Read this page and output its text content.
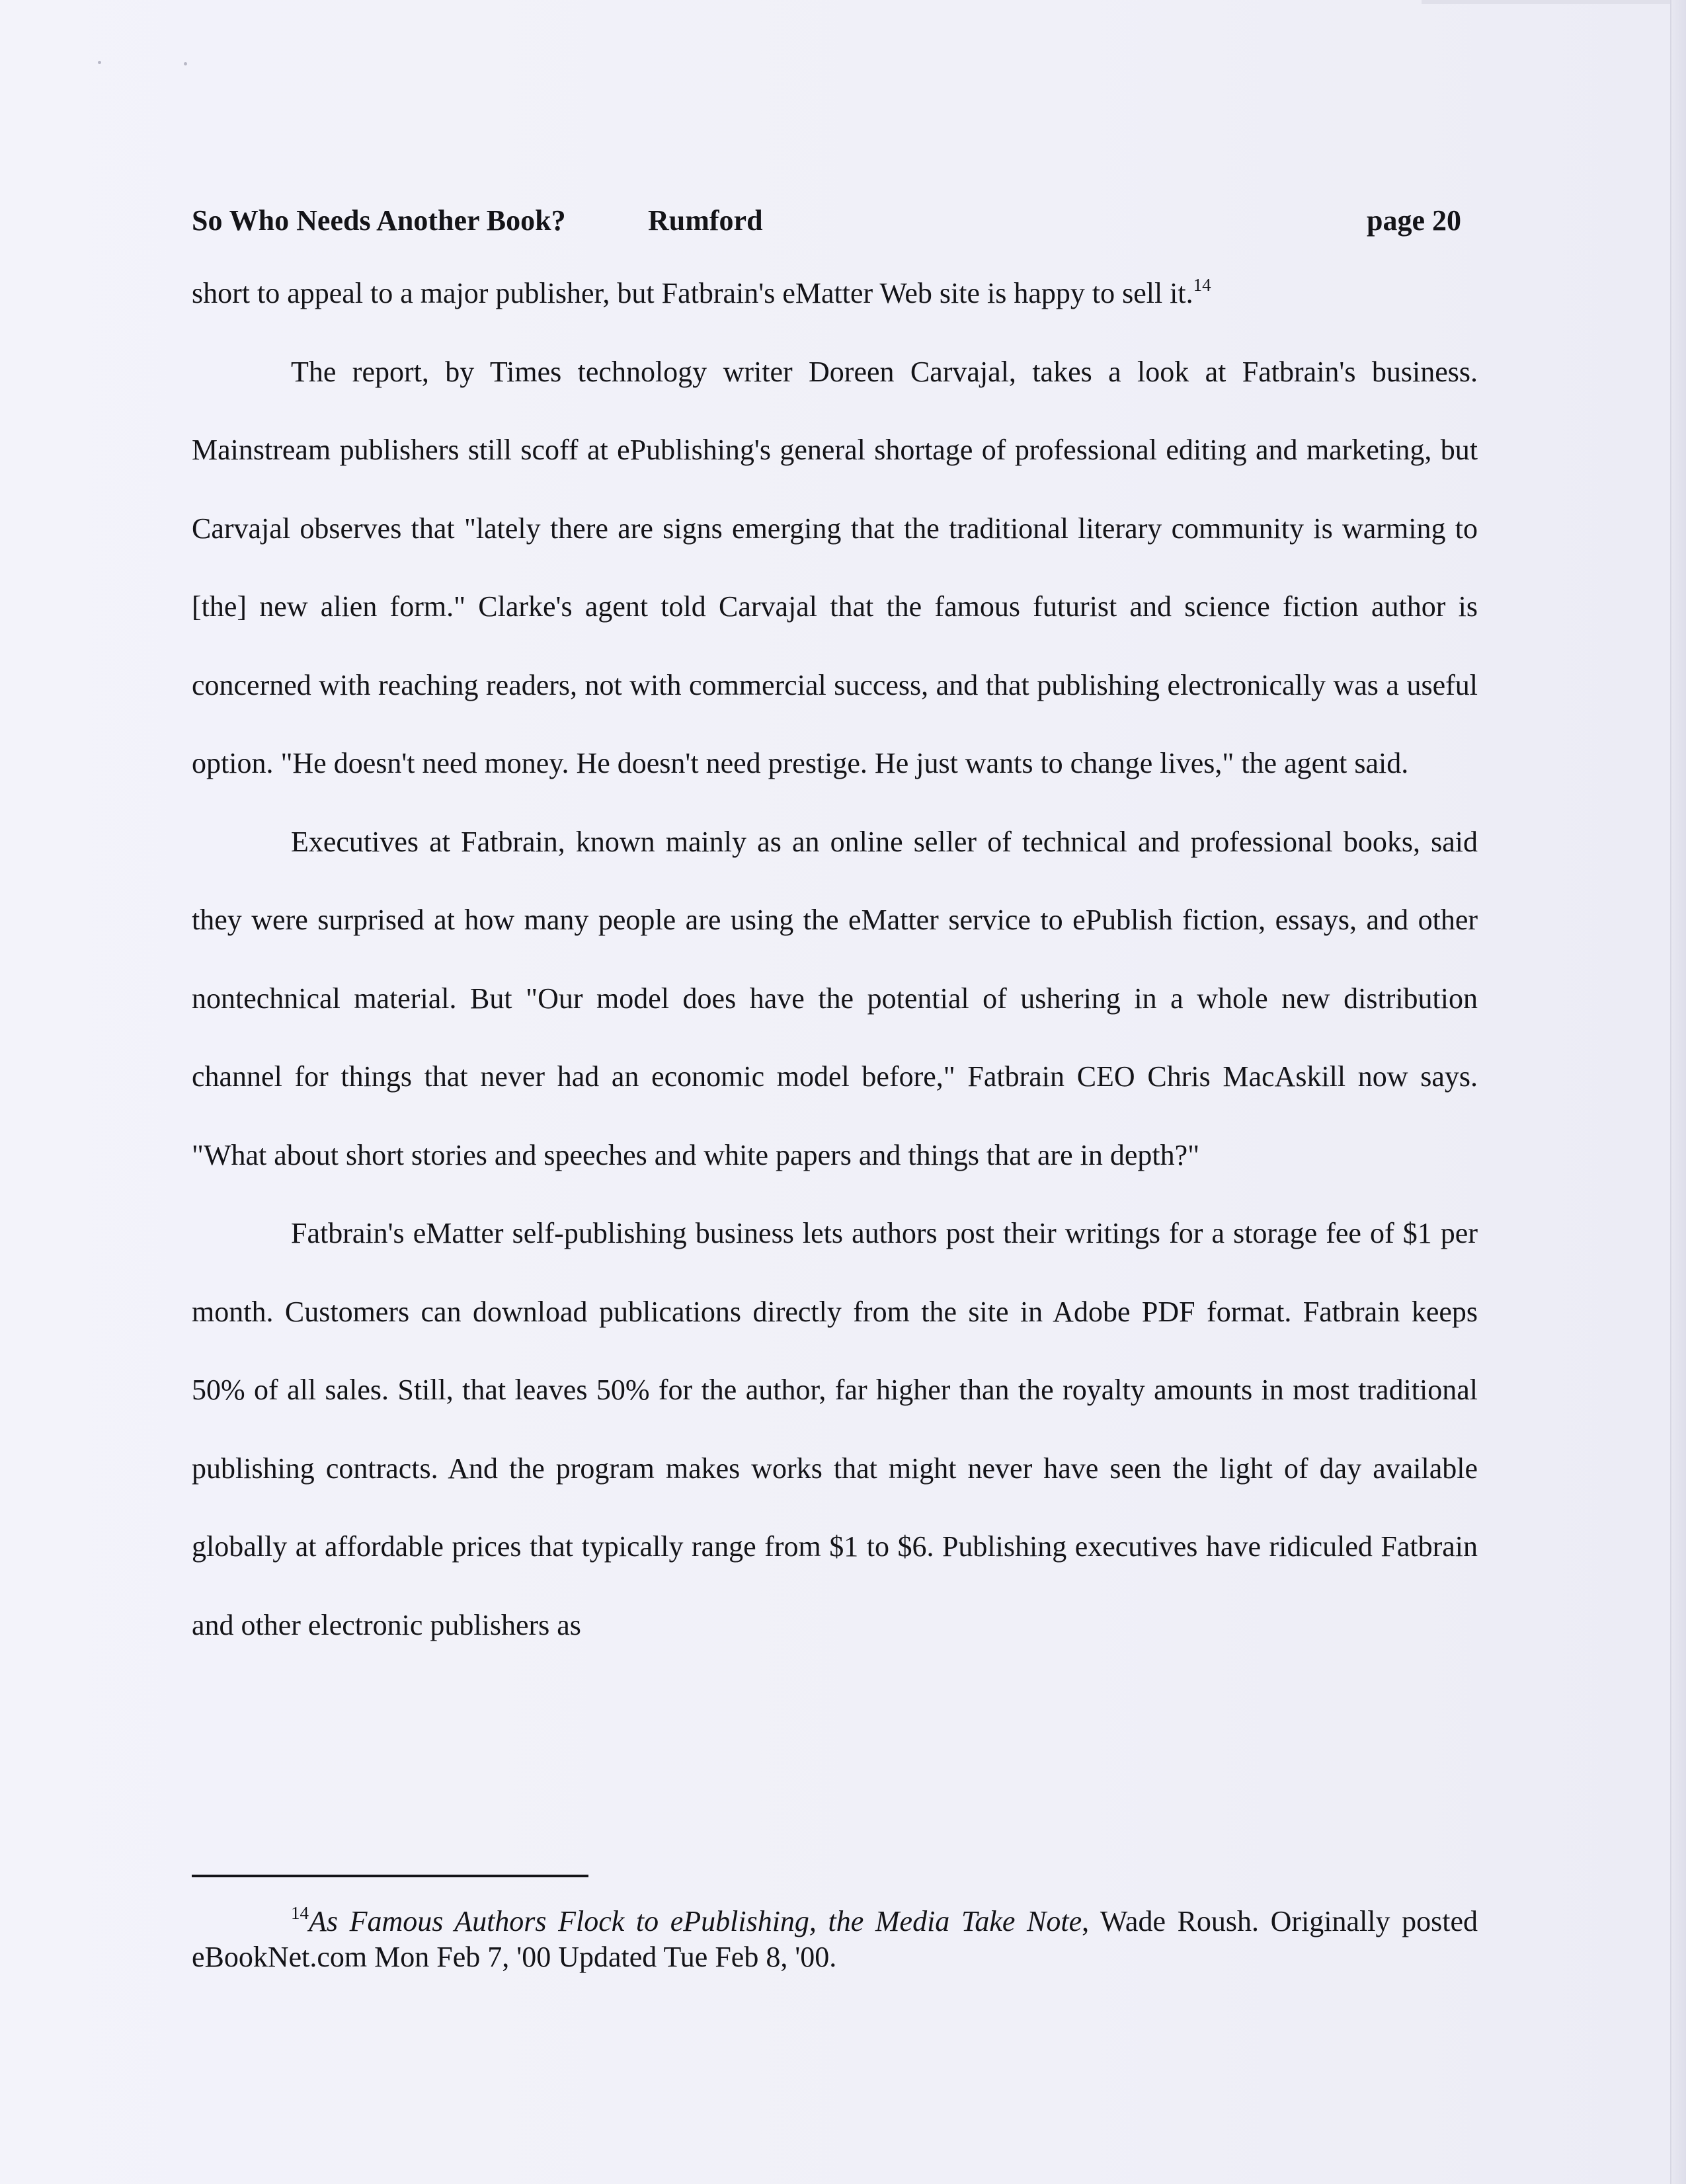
So Who Needs Another Book?	Rumford	page 20

short to appeal to a major publisher, but Fatbrain's eMatter Web site is happy to sell it.$^{14}$

The report, by Times technology writer Doreen Carvajal, takes a look at Fatbrain's business. Mainstream publishers still scoff at ePublishing's general shortage of professional editing and marketing, but Carvajal observes that "lately there are signs emerging that the traditional literary community is warming to [the] new alien form." Clarke's agent told Carvajal that the famous futurist and science fiction author is concerned with reaching readers, not with commercial success, and that publishing electronically was a useful option. "He doesn't need money. He doesn't need prestige. He just wants to change lives," the agent said.

Executives at Fatbrain, known mainly as an online seller of technical and professional books, said they were surprised at how many people are using the eMatter service to ePublish fiction, essays, and other nontechnical material. But "Our model does have the potential of ushering in a whole new distribution channel for things that never had an economic model before," Fatbrain CEO Chris MacAskill now says. "What about short stories and speeches and white papers and things that are in depth?"

Fatbrain's eMatter self-publishing business lets authors post their writings for a storage fee of $1 per month. Customers can download publications directly from the site in Adobe PDF format. Fatbrain keeps 50% of all sales. Still, that leaves 50% for the author, far higher than the royalty amounts in most traditional publishing contracts. And the program makes works that might never have seen the light of day available globally at affordable prices that typically range from $1 to $6. Publishing executives have ridiculed Fatbrain and other electronic publishers as

$^{14}$As Famous Authors Flock to ePublishing, the Media Take Note, Wade Roush. Originally posted eBookNet.com Mon Feb 7, '00 Updated Tue Feb 8, '00.
